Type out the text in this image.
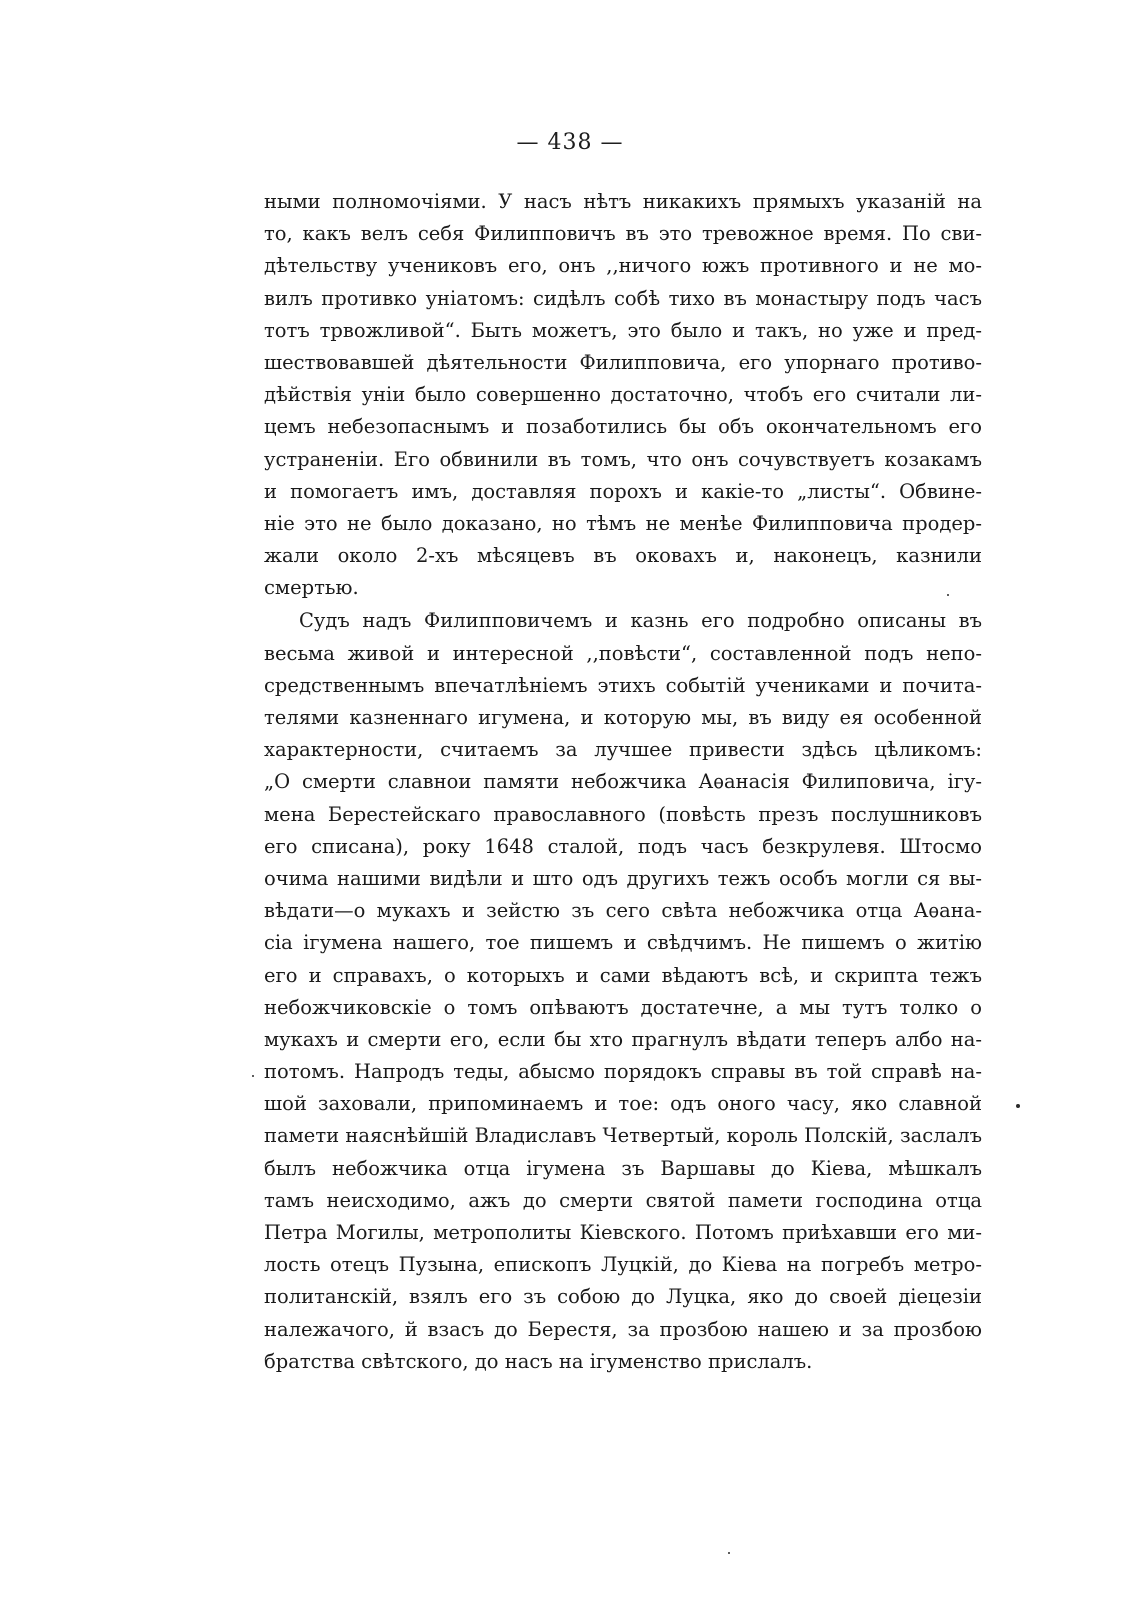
— 438 —
ными полномочіями. У насъ нѣтъ никакихъ прямыхъ указаній на
то, какъ велъ себя Филипповичъ въ это тревожное время. По сви-
дѣтельству учениковъ его, онъ ,,ничого южъ противного и не мо-
вилъ противко уніатомъ: сидѣлъ собѣ тихо въ монастыру подъ часъ
тотъ трвожливой“. Быть можетъ, это было и такъ, но уже и пред-
шествовавшей дѣятельности Филипповича, его упорнаго противо-
дѣйствія уніи было совершенно достаточно, чтобъ его считали ли-
цемъ небезопаснымъ и позаботились бы объ окончательномъ его
устраненіи. Его обвинили въ томъ, что онъ сочувствуетъ козакамъ
и помогаетъ имъ, доставляя порохъ и какіе-то „листы“. Обвине-
ніе это не было доказано, но тѣмъ не менѣе Филипповича продер-
жали около 2-хъ мѣсяцевъ въ оковахъ и, наконецъ, казнили
смертью.
Судъ надъ Филипповичемъ и казнь его подробно описаны въ
весьма живой и интересной ,,повѣсти“, составленной подъ непо-
средственнымъ впечатлѣніемъ этихъ событій учениками и почита-
телями казненнаго игумена, и которую мы, въ виду ея особенной
характерности, считаемъ за лучшее привести здѣсь цѣликомъ:
„О смерти славнои памяти небожчика Аѳанасія Филиповича, ігу-
мена Берестейскаго православного (повѣсть презъ послушниковъ
его списана), року 1648 сталой, подъ часъ безкрулевя. Штосмо
очима нашими видѣли и што одъ другихъ тежъ особъ могли ся вы-
вѣдати—о мукахъ и зейстю зъ сего свѣта небожчика отца Аѳана-
сіа ігумена нашего, тое пишемъ и свѣдчимъ. Не пишемъ о житію
его и справахъ, о которыхъ и сами вѣдаютъ всѣ, и скрипта тежъ
небожчиковскіе о томъ опѣваютъ достатечне, а мы тутъ толко о
мукахъ и смерти его, если бы хто прагнулъ вѣдати теперъ албо на-
потомъ. Напродъ теды, абысмо порядокъ справы въ той справѣ на-
шой заховали, припоминаемъ и тое: одъ оного часу, яко славной
памети наяснѣйшій Владиславъ Четвертый, король Полскій, заслалъ
былъ небожчика отца ігумена зъ Варшавы до Кіева, мѣшкалъ
тамъ неисходимо, ажъ до смерти святой памети господина отца
Петра Могилы, метрополиты Кіевского. Потомъ приѣхавши его ми-
лость отецъ Пузына, епископъ Луцкій, до Кіева на погребъ метро-
политанскій, взялъ его зъ собою до Луцка, яко до своей діецезіи
належачого, й взасъ до Берестя, за прозбою нашею и за прозбою
братства свѣтского, до насъ на ігуменство прислалъ.
